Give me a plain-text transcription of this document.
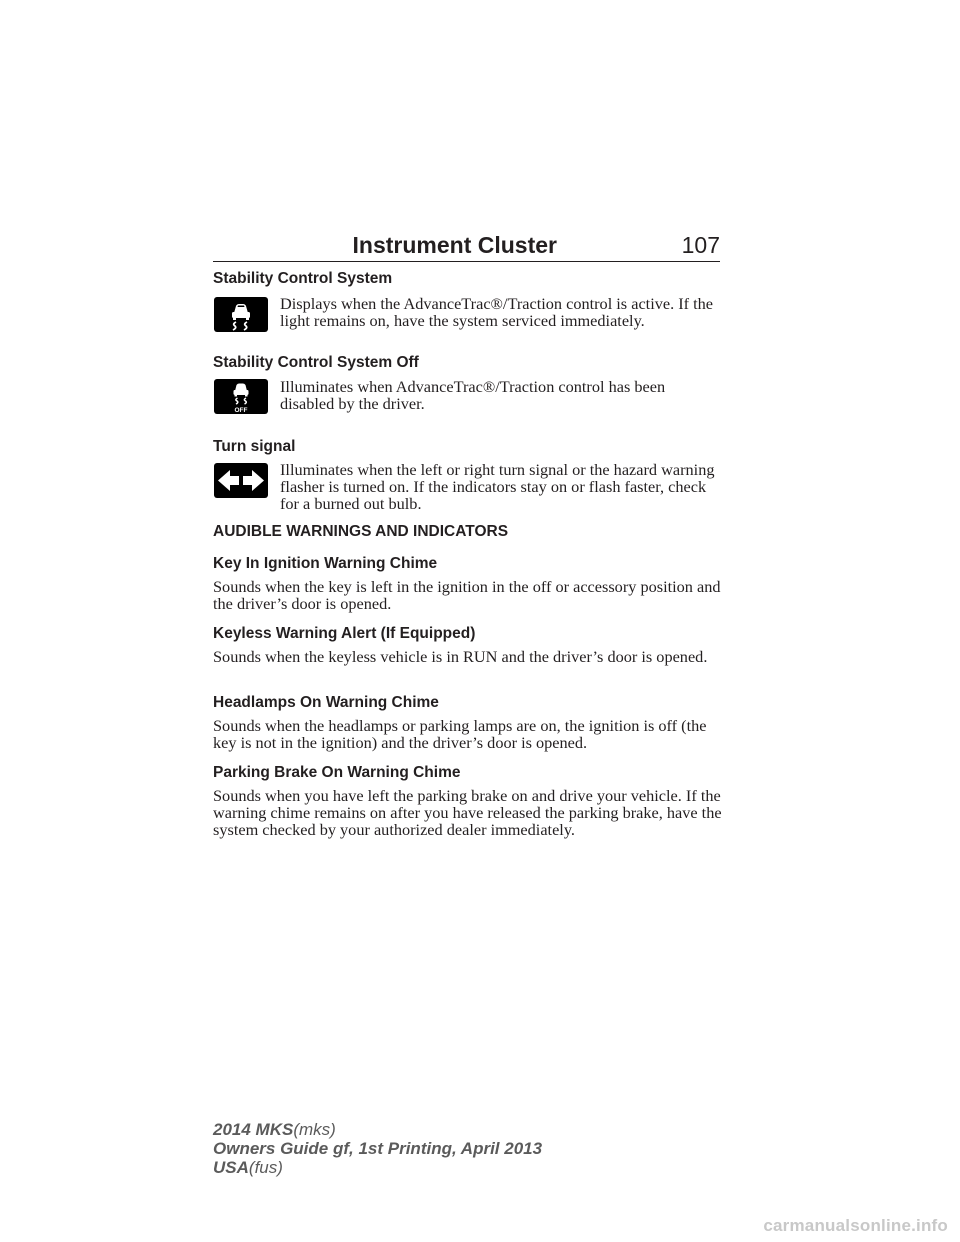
Instrument Cluster	107
Stability Control System
Displays when the AdvanceTrac®/Traction control is active. If the light remains on, have the system serviced immediately.
Stability Control System Off
OFF
Illuminates when AdvanceTrac®/Traction control has been disabled by the driver.
Turn signal
Illuminates when the left or right turn signal or the hazard warning flasher is turned on. If the indicators stay on or flash faster, check for a burned out bulb.
AUDIBLE WARNINGS AND INDICATORS
Key In Ignition Warning Chime
Sounds when the key is left in the ignition in the off or accessory position and the driver’s door is opened.
Keyless Warning Alert (If Equipped)
Sounds when the keyless vehicle is in RUN and the driver’s door is opened.
Headlamps On Warning Chime
Sounds when the headlamps or parking lamps are on, the ignition is off (the key is not in the ignition) and the driver’s door is opened.
Parking Brake On Warning Chime
Sounds when you have left the parking brake on and drive your vehicle. If the warning chime remains on after you have released the parking brake, have the system checked by your authorized dealer immediately.
2014 MKS(mks)
Owners Guide gf, 1st Printing, April 2013
USA(fus)
carmanualsonline.info
